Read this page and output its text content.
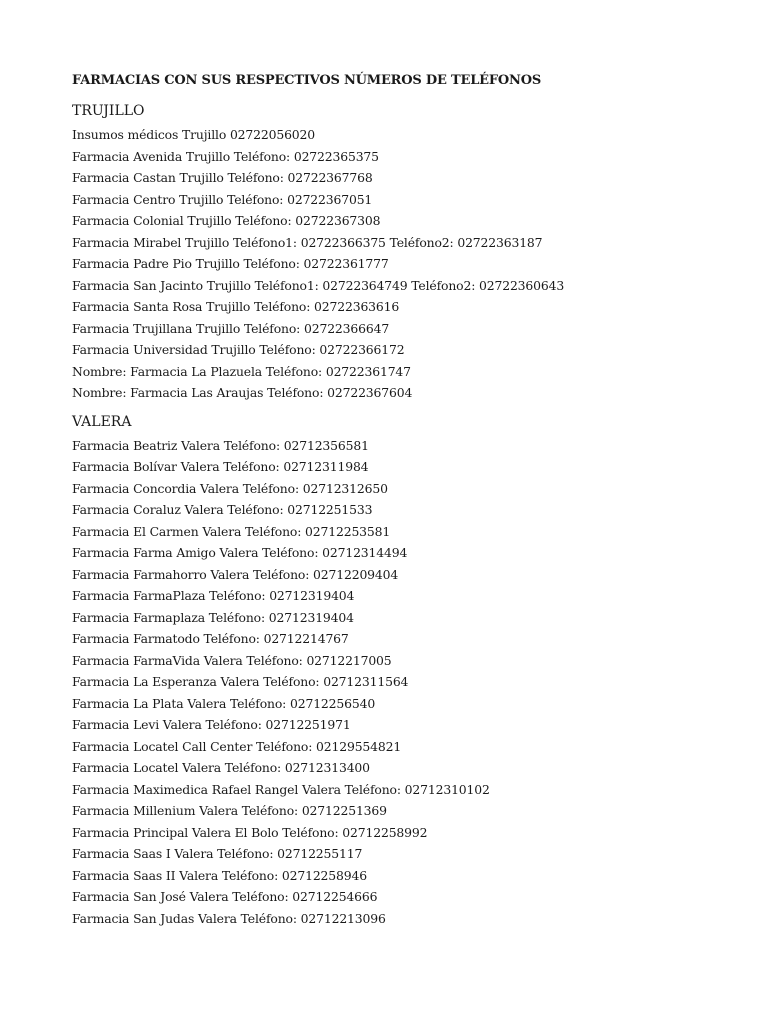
FARMACIAS CON SUS RESPECTIVOS NÚMEROS DE TELÉFONOS
TRUJILLO
Insumos médicos Trujillo 02722056020
Farmacia Avenida Trujillo Teléfono: 02722365375
Farmacia Castan Trujillo Teléfono: 02722367768
Farmacia Centro Trujillo Teléfono: 02722367051
Farmacia Colonial Trujillo Teléfono: 02722367308
Farmacia Mirabel Trujillo Teléfono1: 02722366375 Teléfono2: 02722363187
Farmacia Padre Pio Trujillo Teléfono: 02722361777
Farmacia San Jacinto Trujillo Teléfono1: 02722364749 Teléfono2: 02722360643
Farmacia Santa Rosa Trujillo Teléfono: 02722363616
Farmacia Trujillana Trujillo Teléfono: 02722366647
Farmacia Universidad Trujillo Teléfono: 02722366172
Nombre: Farmacia La Plazuela Teléfono: 02722361747
Nombre: Farmacia Las Araujas Teléfono: 02722367604
VALERA
Farmacia Beatriz Valera Teléfono: 02712356581
Farmacia Bolívar Valera Teléfono: 02712311984
Farmacia Concordia Valera Teléfono: 02712312650
Farmacia Coraluz Valera Teléfono: 02712251533
Farmacia El Carmen Valera Teléfono: 02712253581
Farmacia Farma Amigo Valera Teléfono: 02712314494
Farmacia Farmahorro Valera Teléfono: 02712209404
Farmacia FarmaPlaza Teléfono: 02712319404
Farmacia Farmaplaza Teléfono: 02712319404
Farmacia Farmatodo Teléfono: 02712214767
Farmacia FarmaVida Valera Teléfono: 02712217005
Farmacia La Esperanza Valera Teléfono: 02712311564
Farmacia La Plata Valera Teléfono: 02712256540
Farmacia Levi Valera Teléfono: 02712251971
Farmacia Locatel Call Center Teléfono: 02129554821
Farmacia Locatel Valera Teléfono: 02712313400
Farmacia Maximedica Rafael Rangel Valera Teléfono: 02712310102
Farmacia Millenium Valera Teléfono: 02712251369
Farmacia Principal Valera El Bolo Teléfono: 02712258992
Farmacia Saas I Valera Teléfono: 02712255117
Farmacia Saas II Valera Teléfono: 02712258946
Farmacia San José Valera Teléfono: 02712254666
Farmacia San Judas Valera Teléfono: 02712213096
